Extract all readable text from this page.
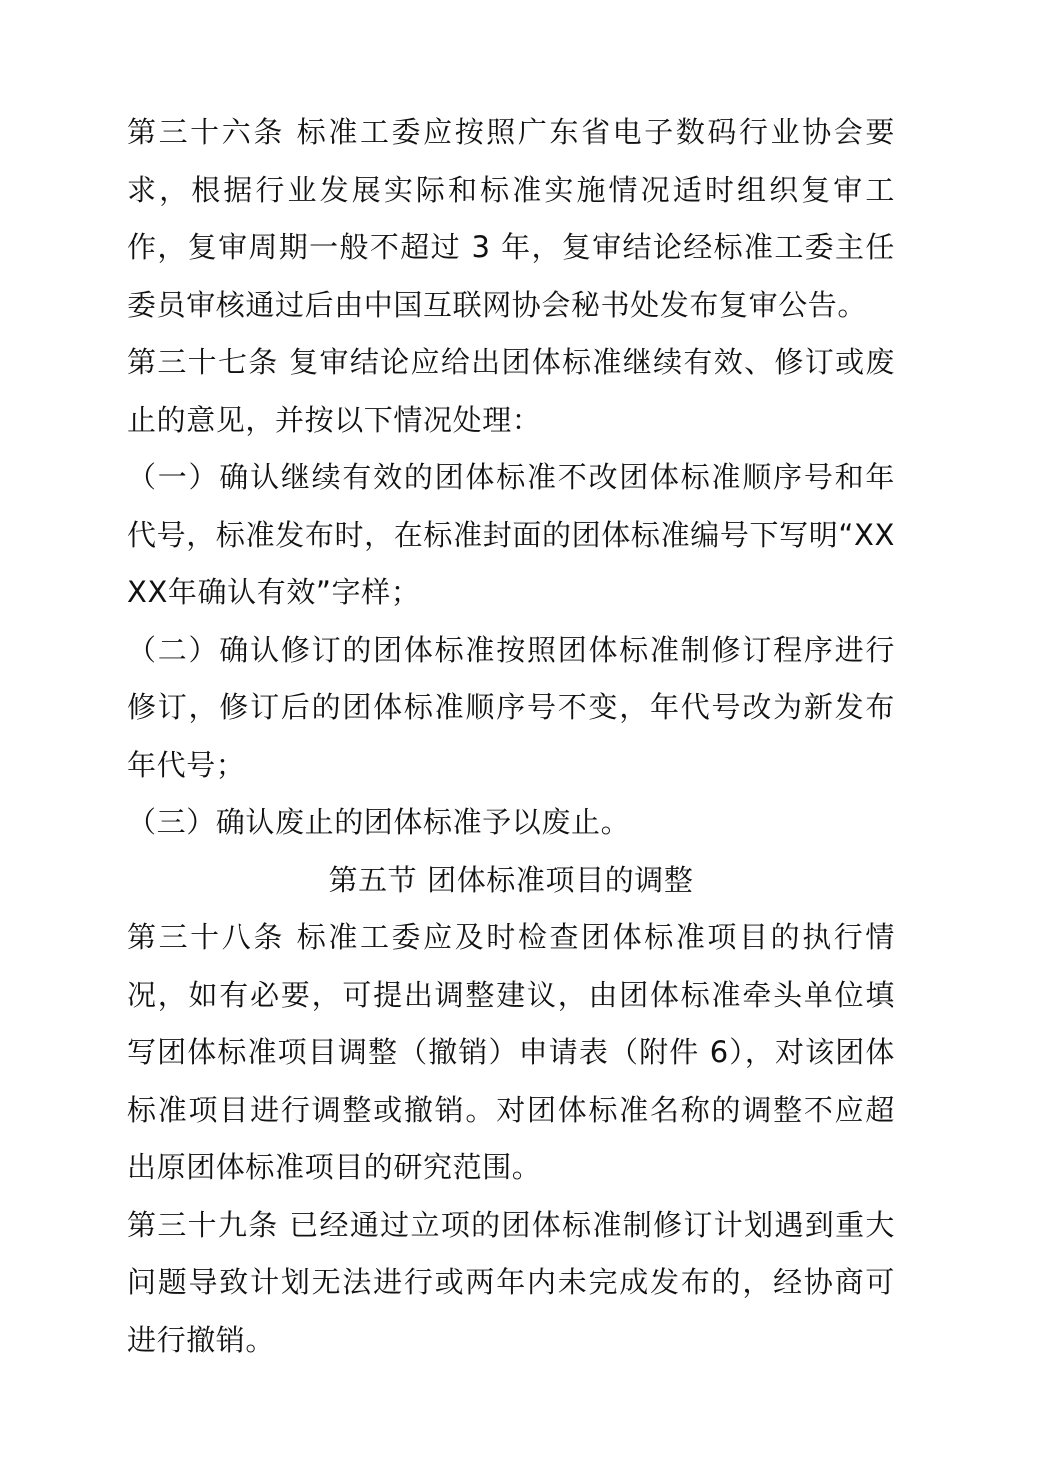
第三十六条 标准工委应按照广东省电子数码行业协会要求，根据行业发展实际和标准实施情况适时组织复审工作，复审周期一般不超过 3 年，复审结论经标准工委主任委员审核通过后由中国互联网协会秘书处发布复审公告。

第三十七条 复审结论应给出团体标准继续有效、修订或废止的意见，并按以下情况处理：

（一）确认继续有效的团体标准不改团体标准顺序号和年代号，标准发布时，在标准封面的团体标准编号下写明“XXXX年确认有效”字样；

（二）确认修订的团体标准按照团体标准制修订程序进行修订，修订后的团体标准顺序号不变，年代号改为新发布年代号；

（三）确认废止的团体标准予以废止。

第五节 团体标准项目的调整

第三十八条 标准工委应及时检查团体标准项目的执行情况，如有必要，可提出调整建议，由团体标准牵头单位填写团体标准项目调整（撤销）申请表（附件 6），对该团体标准项目进行调整或撤销。对团体标准名称的调整不应超出原团体标准项目的研究范围。

第三十九条 已经通过立项的团体标准制修订计划遇到重大问题导致计划无法进行或两年内未完成发布的，经协商可进行撤销。
